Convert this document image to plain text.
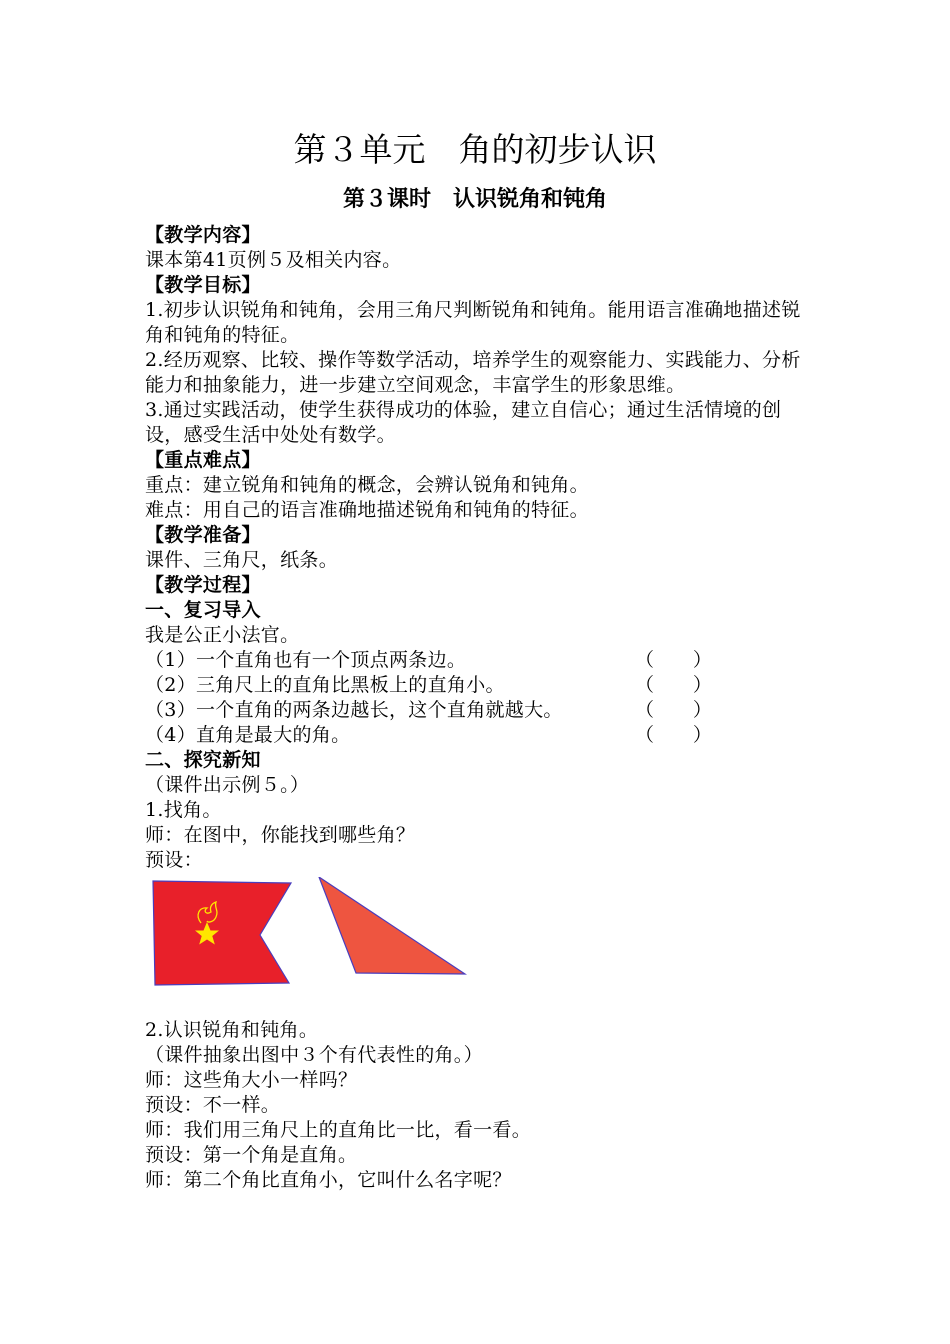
第３单元　角的初步认识
第３课时　认识锐角和钝角

【教学内容】

课本第41页例５及相关内容。

【教学目标】

1.初步认识锐角和钝角，会用三角尺判断锐角和钝角。能用语言准确地描述锐角和钝角的特征。

2.经历观察、比较、操作等数学活动，培养学生的观察能力、实践能力、分析能力和抽象能力，进一步建立空间观念，丰富学生的形象思维。

3.通过实践活动，使学生获得成功的体验，建立自信心；通过生活情境的创设，感受生活中处处有数学。

【重点难点】

重点：建立锐角和钝角的概念，会辨认锐角和钝角。

难点：用自己的语言准确地描述锐角和钝角的特征。

【教学准备】

课件、三角尺，纸条。

【教学过程】

一、复习导入

我是公正小法官。

（1）一个直角也有一个顶点两条边。	（　　）
（2）三角尺上的直角比黑板上的直角小。	（　　）
（3）一个直角的两条边越长，这个直角就越大。	（　　）
（4）直角是最大的角。	（　　）

二、探究新知

（课件出示例５。）

1.找角。

师：在图中，你能找到哪些角？

预设：

2.认识锐角和钝角。

（课件抽象出图中３个有代表性的角。）

师：这些角大小一样吗？

预设：不一样。

师：我们用三角尺上的直角比一比，看一看。

预设：第一个角是直角。

师：第二个角比直角小，它叫什么名字呢？
